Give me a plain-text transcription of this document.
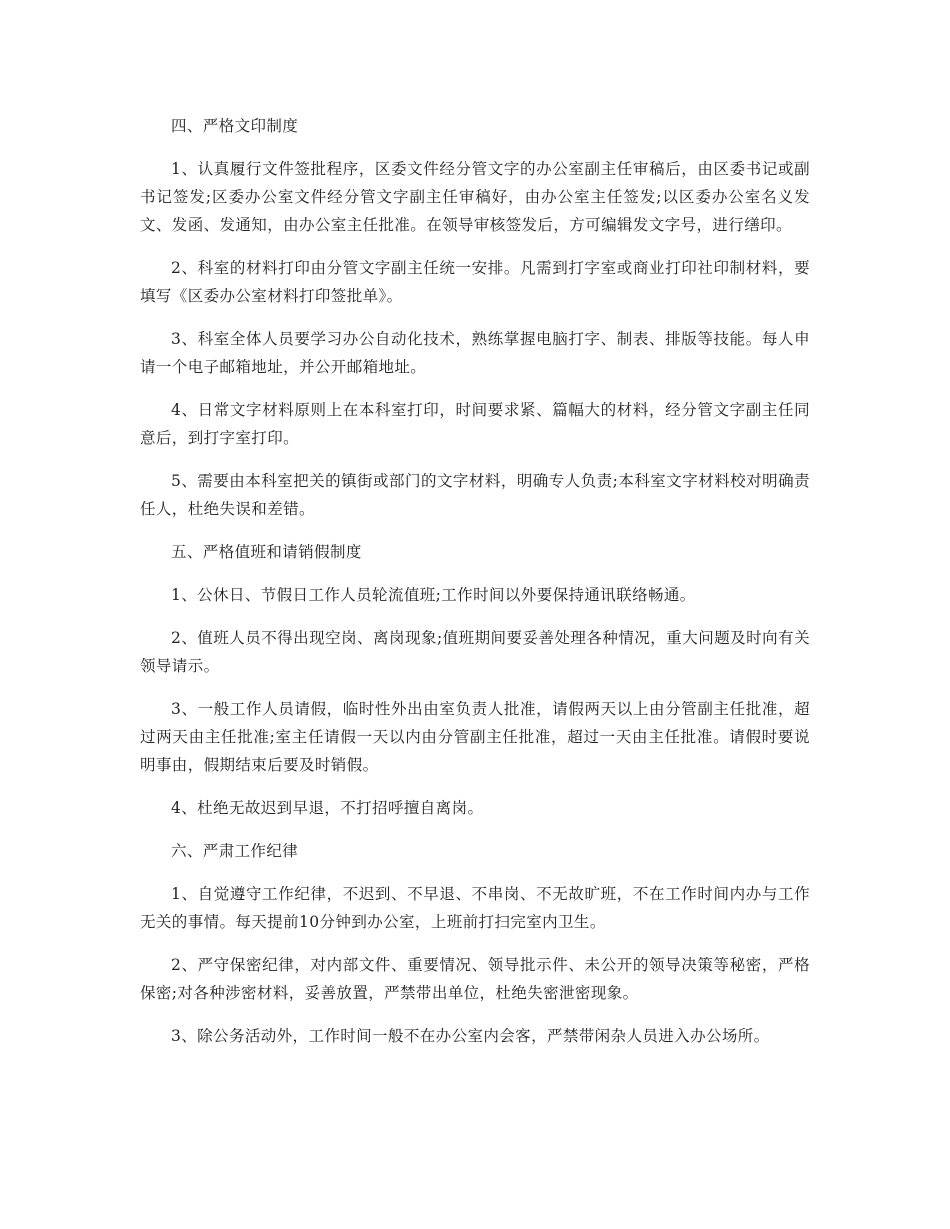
四、严格文印制度

1、认真履行文件签批程序，区委文件经分管文字的办公室副主任审稿后，由区委书记或副书记签发;区委办公室文件经分管文字副主任审稿好，由办公室主任签发;以区委办公室名义发文、发函、发通知，由办公室主任批准。在领导审核签发后，方可编辑发文字号，进行缮印。

2、科室的材料打印由分管文字副主任统一安排。凡需到打字室或商业打印社印制材料，要填写《区委办公室材料打印签批单》。

3、科室全体人员要学习办公自动化技术，熟练掌握电脑打字、制表、排版等技能。每人申请一个电子邮箱地址，并公开邮箱地址。

4、日常文字材料原则上在本科室打印，时间要求紧、篇幅大的材料，经分管文字副主任同意后，到打字室打印。

5、需要由本科室把关的镇街或部门的文字材料，明确专人负责;本科室文字材料校对明确责任人，杜绝失误和差错。

五、严格值班和请销假制度

1、公休日、节假日工作人员轮流值班;工作时间以外要保持通讯联络畅通。

2、值班人员不得出现空岗、离岗现象;值班期间要妥善处理各种情况，重大问题及时向有关领导请示。

3、一般工作人员请假，临时性外出由室负责人批准，请假两天以上由分管副主任批准，超过两天由主任批准;室主任请假一天以内由分管副主任批准，超过一天由主任批准。请假时要说明事由，假期结束后要及时销假。

4、杜绝无故迟到早退，不打招呼擅自离岗。

六、严肃工作纪律

1、自觉遵守工作纪律，不迟到、不早退、不串岗、不无故旷班，不在工作时间内办与工作无关的事情。每天提前10分钟到办公室，上班前打扫完室内卫生。

2、严守保密纪律，对内部文件、重要情况、领导批示件、未公开的领导决策等秘密，严格保密;对各种涉密材料，妥善放置，严禁带出单位，杜绝失密泄密现象。

3、除公务活动外，工作时间一般不在办公室内会客，严禁带闲杂人员进入办公场所。
